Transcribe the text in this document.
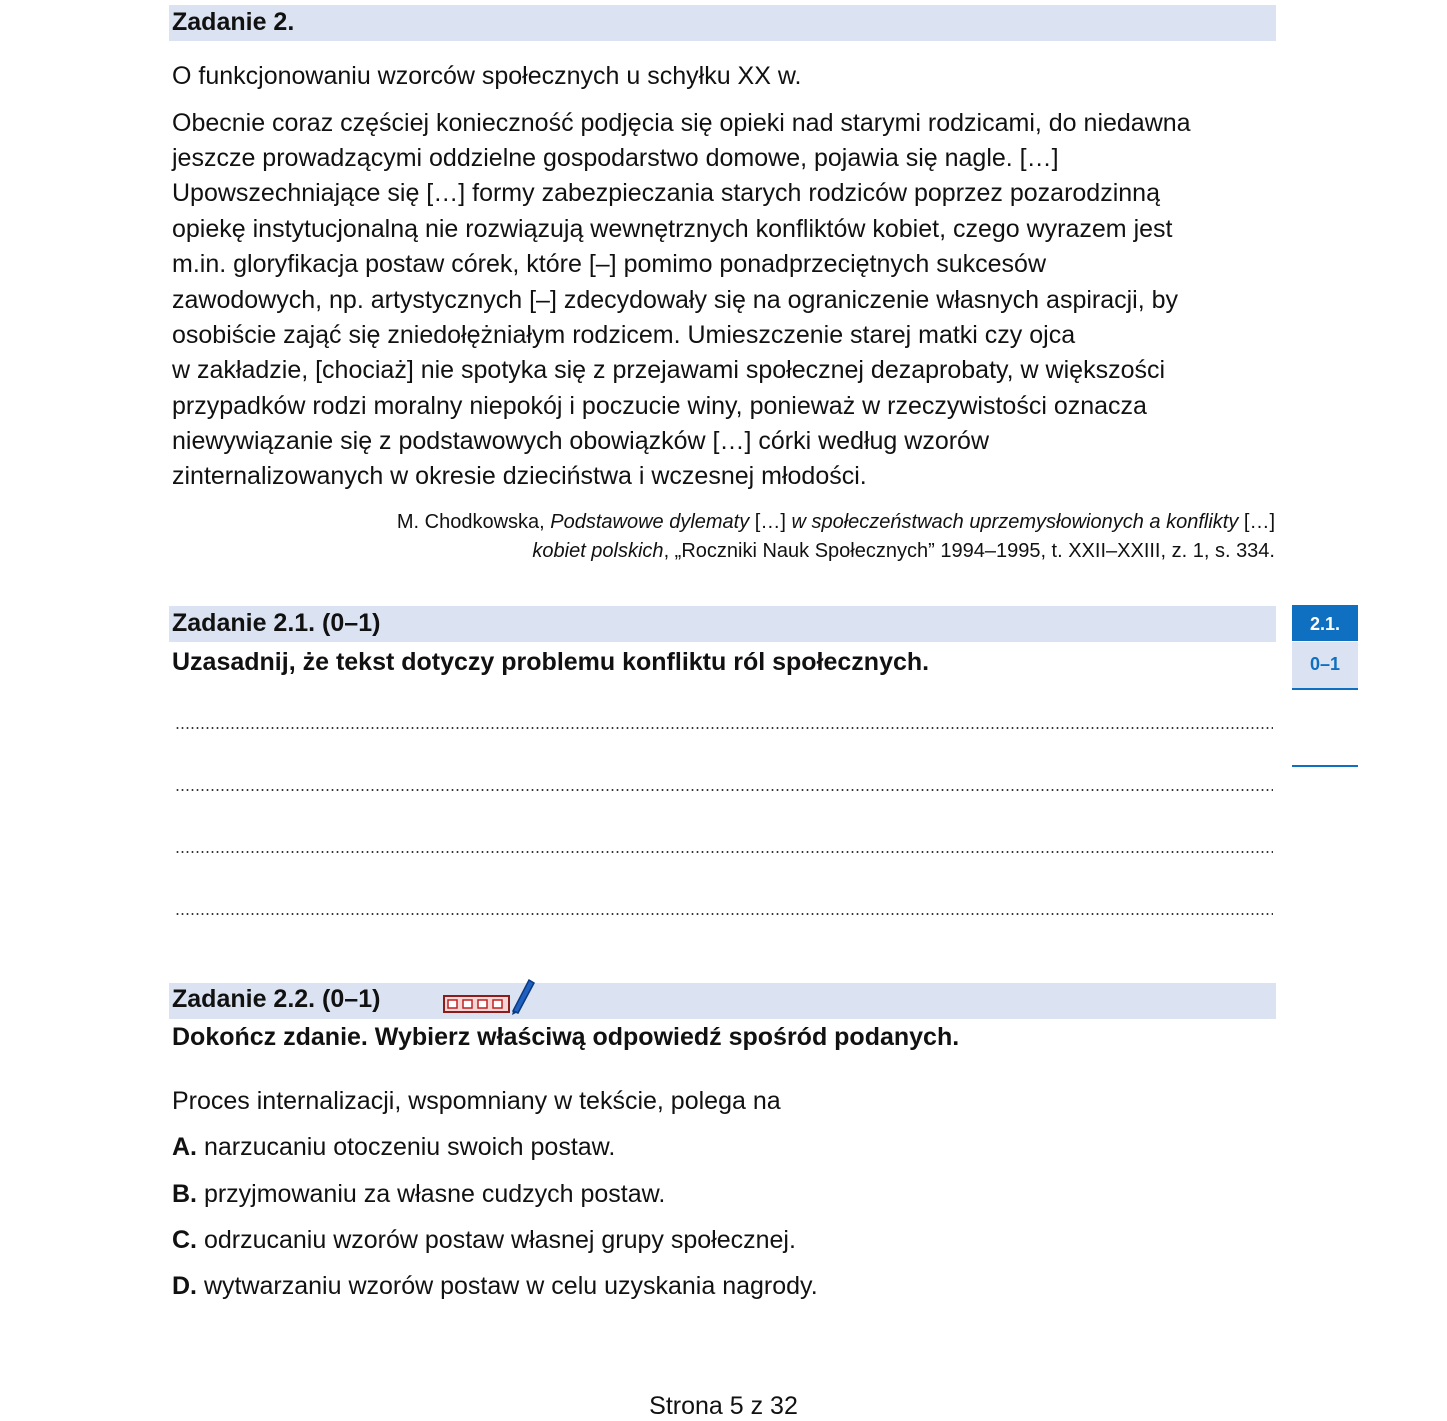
Zadanie 2.

O funkcjonowaniu wzorców społecznych u schyłku XX w.

Obecnie coraz częściej konieczność podjęcia się opieki nad starymi rodzicami, do niedawna

jeszcze prowadzącymi oddzielne gospodarstwo domowe, pojawia się nagle. […]

Upowszechniające się […] formy zabezpieczania starych rodziców poprzez pozarodzinną

opiekę instytucjonalną nie rozwiązują wewnętrznych konfliktów kobiet, czego wyrazem jest

m.in. gloryfikacja postaw córek, które [–] pomimo ponadprzeciętnych sukcesów

zawodowych, np. artystycznych [–] zdecydowały się na ograniczenie własnych aspiracji, by

osobiście zająć się zniedołężniałym rodzicem. Umieszczenie starej matki czy ojca

w zakładzie, [chociaż] nie spotyka się z przejawami społecznej dezaprobaty, w większości

przypadków rodzi moralny niepokój i poczucie winy, ponieważ w rzeczywistości oznacza

niewywiązanie się z podstawowych obowiązków […] córki według wzorów

zinternalizowanych w okresie dzieciństwa i wczesnej młodości.

M. Chodkowska, Podstawowe dylematy […] w społeczeństwach uprzemysłowionych a konflikty […]
kobiet polskich, „Roczniki Nauk Społecznych” 1994–1995, t. XXII–XXIII, z. 1, s. 334.
Zadanie 2.1. (0–1)
Uzasadnij, że tekst dotyczy problemu konfliktu ról społecznych.
2.1.
0–1
Zadanie 2.2. (0–1)
Dokończ zdanie. Wybierz właściwą odpowiedź spośród podanych.

Proces internalizacji, wspomniany w tekście, polega na

A. narzucaniu otoczeniu swoich postaw.
B. przyjmowaniu za własne cudzych postaw.
C. odrzucaniu wzorów postaw własnej grupy społecznej.
D. wytwarzaniu wzorów postaw w celu uzyskania nagrody.
Strona 5 z 32
